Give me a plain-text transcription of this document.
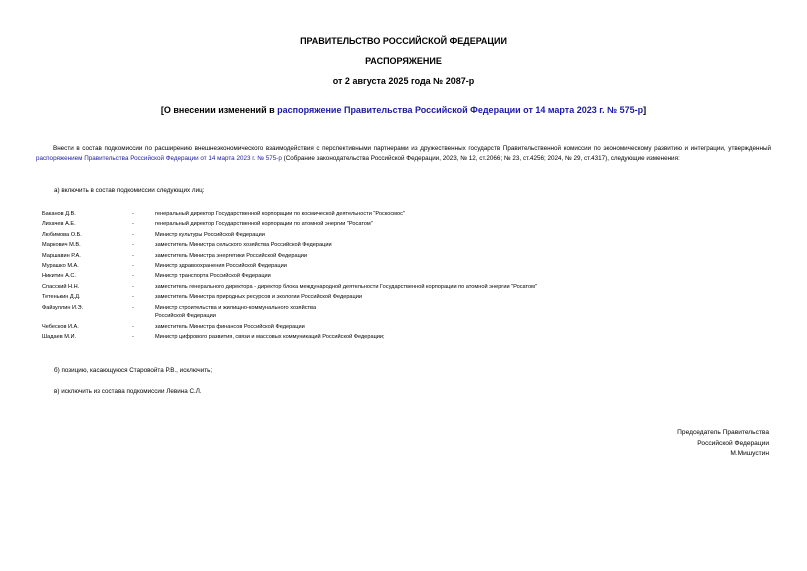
ПРАВИТЕЛЬСТВО РОССИЙСКОЙ ФЕДЕРАЦИИ
РАСПОРЯЖЕНИЕ
от 2 августа 2025 года № 2087-р
[О внесении изменений в распоряжение Правительства Российской Федерации от 14 марта 2023 г. № 575-р]
Внести в состав подкомиссии по расширению внешнеэкономического взаимодействия с перспективными партнерами из дружественных государств Правительственной комиссии по экономическому развитию и интеграции, утвержденный распоряжением Правительства Российской Федерации от 14 марта 2023 г. № 575-р (Собрание законодательства Российской Федерации, 2023, № 12, ст.2066; № 23, ст.4256; 2024, № 29, ст.4317), следующие изменения:
а) включить в состав подкомиссии следующих лиц:
Баканов Д.В.	-	генеральный директор Государственной корпорации по космической деятельности "Роскосмос"
Лихачев А.Е.	-	генеральный директор Государственной корпорации по атомной энергии "Росатом"
Любимова О.Б.	-	Министр культуры Российской Федерации
Маркович М.В.	-	заместитель Министра сельского хозяйства Российской Федерации
Маршавин Р.А.	-	заместитель Министра энергетики Российской Федерации
Мурашко М.А.	-	Министр здравоохранения Российской Федерации
Никитин А.С.	-	Министр транспорта Российской Федерации
Спасский Н.Н.	-	заместитель генерального директора - директор блока международной деятельности Государственной корпорации по атомной энергии "Росатом"
Тетенькин Д.Д.	-	заместитель Министра природных ресурсов и экологии Российской Федерации
Файзуллин И.Э.	-	Министр строительства и жилищно-коммунального хозяйства
Российской Федерации
Чебесков И.А.	-	заместитель Министра финансов Российской Федерации
Шадаев М.И.	-	Министр цифрового развития, связи и массовых коммуникаций Российской Федерации;
б) позицию, касающуюся Старовойта Р.В., исключить;
в) исключить из состава подкомиссии Левина С.Л.
Председатель Правительства
Российской Федерации
М.Мишустин
